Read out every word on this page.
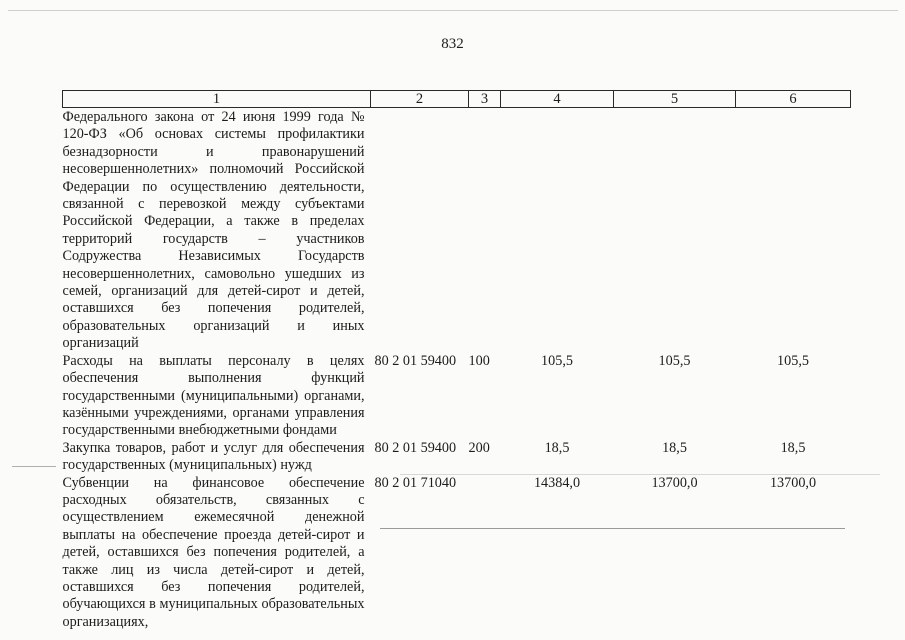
832
1	2	3	4	5	6
Федерального закона от 24 июня 1999 года № 120-ФЗ «Об основах системы профилактики безнадзорности и правонарушений несовершеннолетних» полномочий Российской Федерации по осуществлению деятельности, связанной с перевозкой между субъектами Российской Федерации, а также в пределах территорий государств – участников Содружества Независимых Государств несовершеннолетних, самовольно ушедших из семей, организаций для детей-сирот и детей, оставшихся без попечения родителей, образовательных организаций и иных организаций					
Расходы на выплаты персоналу в целях обеспечения выполнения функций государственными (муниципальными) органами, казёнными учреждениями, органами управления государственными внебюджетными фондами	80 2 01 59400	100	105,5	105,5	105,5
Закупка товаров, работ и услуг для обеспечения государственных (муниципальных) нужд	80 2 01 59400	200	18,5	18,5	18,5
Субвенции на финансовое обеспечение расходных обязательств, связанных с осуществлением ежемесячной денежной выплаты на обеспечение проезда детей-сирот и детей, оставшихся без попечения родителей, а также лиц из числа детей-сирот и детей, оставшихся без попечения родителей, обучающихся в муниципальных образовательных организациях,	80 2 01 71040		14384,0	13700,0	13700,0
